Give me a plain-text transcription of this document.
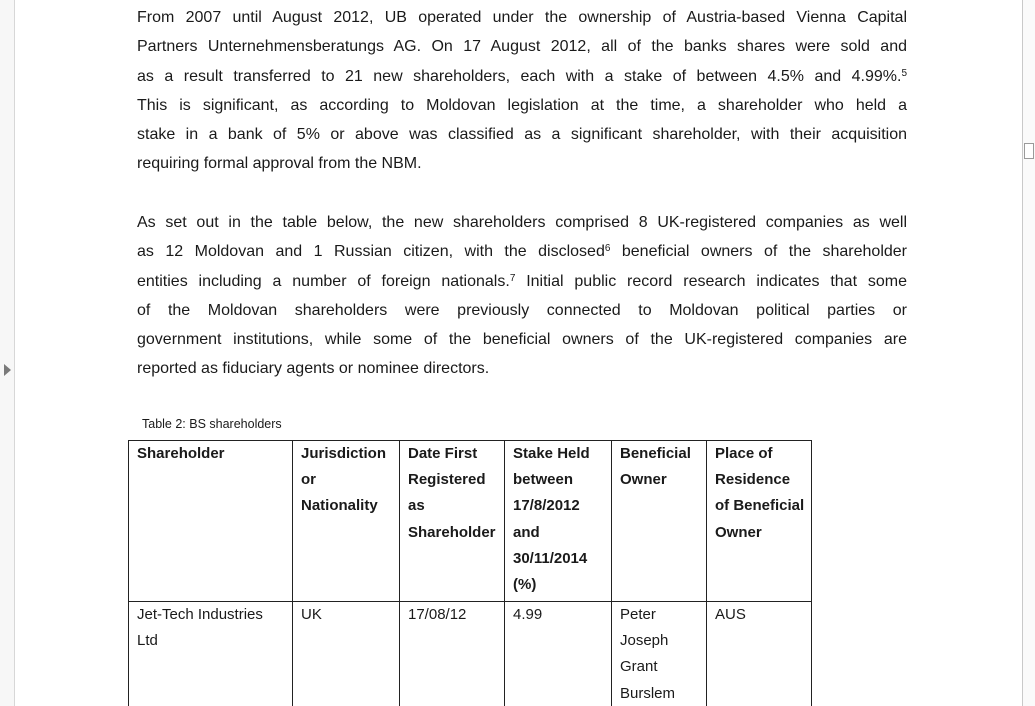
From 2007 until August 2012, UB operated under the ownership of Austria-based Vienna Capital
Partners Unternehmensberatungs AG. On 17 August 2012, all of the banks shares were sold and
as a result transferred to 21 new shareholders, each with a stake of between 4.5% and 4.99%.$^5$
This is significant, as according to Moldovan legislation at the time, a shareholder who held a
stake in a bank of 5% or above was classified as a significant shareholder, with their acquisition
requiring formal approval from the NBM.

As set out in the table below, the new shareholders comprised 8 UK-registered companies as well
as 12 Moldovan and 1 Russian citizen, with the disclosed$^6$ beneficial owners of the shareholder
entities including a number of foreign nationals.$^7$ Initial public record research indicates that some
of the Moldovan shareholders were previously connected to Moldovan political parties or
government institutions, while some of the beneficial owners of the UK-registered companies are
reported as fiduciary agents or nominee directors.

Table 2: BS shareholders
Shareholder	Jurisdiction or Nationality	Date First Registered as Shareholder	Stake Held between 17/8/2012 and 30/11/2014 (%)	Beneficial Owner	Place of Residence of Beneficial Owner
Jet-Tech Industries Ltd	UK	17/08/12	4.99	Peter Joseph Grant Burslem	AUS
